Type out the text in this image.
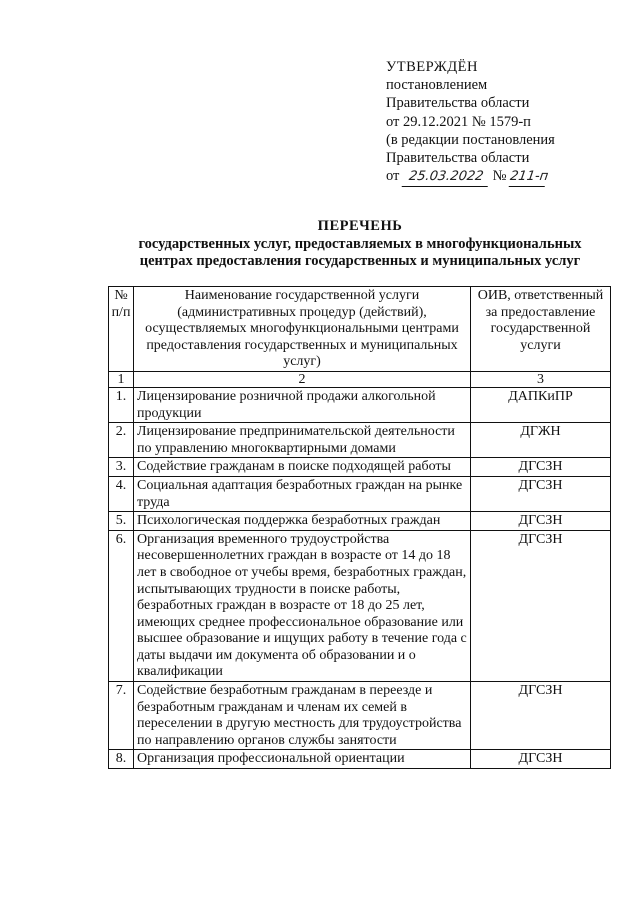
УТВЕРЖДЁН
постановлением
Правительства области
от 29.12.2021 № 1579-п
(в редакции постановления
Правительства области
от 25.03.2022 № 211-п
ПЕРЕЧЕНЬ
государственных услуг, предоставляемых в многофункциональных
центрах предоставления государственных и муниципальных услуг
№ п/п	Наименование государственной услуги (административных процедур (действий), осуществляемых многофункциональными центрами предоставления государственных и муниципальных услуг)	ОИВ, ответственный за предоставление государственной услуги
1	2	3
1.	Лицензирование розничной продажи алкогольной продукции	ДАПКиПР
2.	Лицензирование предпринимательской деятельности по управлению многоквартирными домами	ДГЖН
3.	Содействие гражданам в поиске подходящей работы	ДГСЗН
4.	Социальная адаптация безработных граждан на рынке труда	ДГСЗН
5.	Психологическая поддержка безработных граждан	ДГСЗН
6.	Организация временного трудоустройства несовершеннолетних граждан в возрасте от 14 до 18 лет в свободное от учебы время, безработных граждан, испытывающих трудности в поиске работы, безработных граждан в возрасте от 18 до 25 лет, имеющих среднее профессиональное образование или высшее образование и ищущих работу в течение года с даты выдачи им документа об образовании и о квалификации	ДГСЗН
7.	Содействие безработным гражданам в переезде и безработным гражданам и членам их семей в переселении в другую местность для трудоустройства по направлению органов службы занятости	ДГСЗН
8.	Организация профессиональной ориентации	ДГСЗН
